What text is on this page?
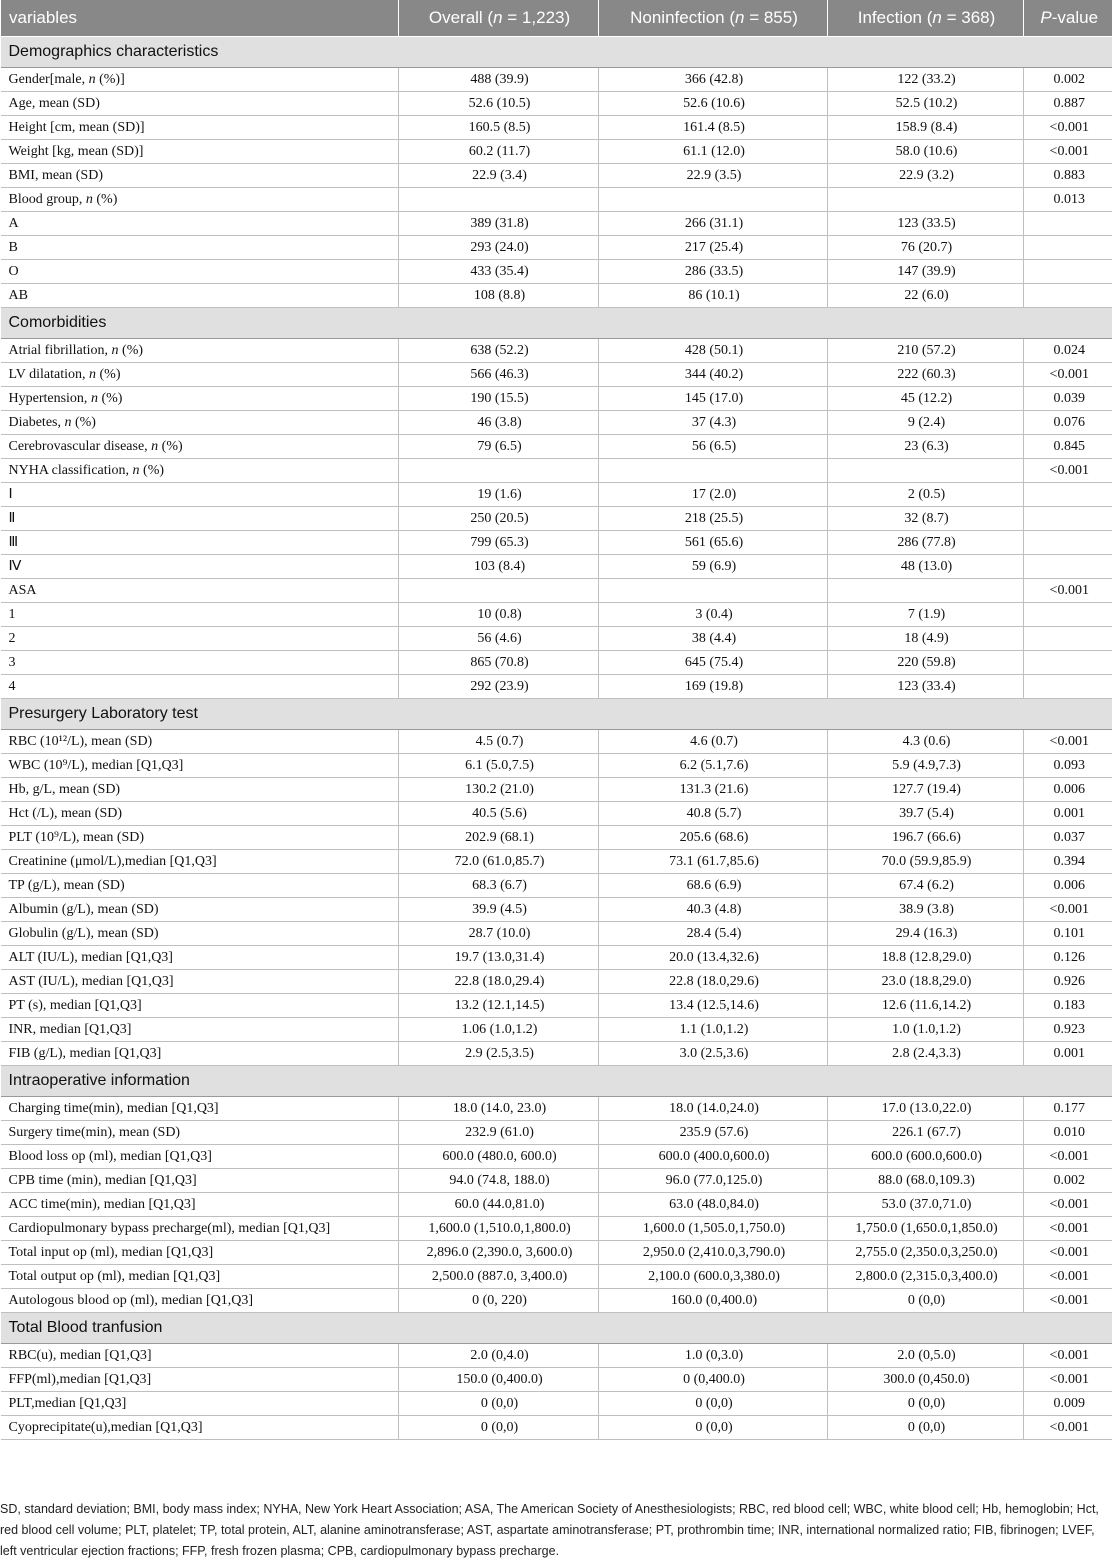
variables	Overall (n = 1,223)	Noninfection (n = 855)	Infection (n = 368)	P-value
Demographics characteristics				
Gender[male, n (%)]	488 (39.9)	366 (42.8)	122 (33.2)	0.002
Age, mean (SD)	52.6 (10.5)	52.6 (10.6)	52.5 (10.2)	0.887
Height [cm, mean (SD)]	160.5 (8.5)	161.4 (8.5)	158.9 (8.4)	<0.001
Weight [kg, mean (SD)]	60.2 (11.7)	61.1 (12.0)	58.0 (10.6)	<0.001
BMI, mean (SD)	22.9 (3.4)	22.9 (3.5)	22.9 (3.2)	0.883
Blood group, n (%)				0.013
A	389 (31.8)	266 (31.1)	123 (33.5)	
B	293 (24.0)	217 (25.4)	76 (20.7)	
O	433 (35.4)	286 (33.5)	147 (39.9)	
AB	108 (8.8)	86 (10.1)	22 (6.0)	
Comorbidities				
Atrial fibrillation, n (%)	638 (52.2)	428 (50.1)	210 (57.2)	0.024
LV dilatation, n (%)	566 (46.3)	344 (40.2)	222 (60.3)	<0.001
Hypertension, n (%)	190 (15.5)	145 (17.0)	45 (12.2)	0.039
Diabetes, n (%)	46 (3.8)	37 (4.3)	9 (2.4)	0.076
Cerebrovascular disease, n (%)	79 (6.5)	56 (6.5)	23 (6.3)	0.845
NYHA classification, n (%)				<0.001
Ⅰ	19 (1.6)	17 (2.0)	2 (0.5)	
Ⅱ	250 (20.5)	218 (25.5)	32 (8.7)	
Ⅲ	799 (65.3)	561 (65.6)	286 (77.8)	
Ⅳ	103 (8.4)	59 (6.9)	48 (13.0)	
ASA				<0.001
1	10 (0.8)	3 (0.4)	7 (1.9)	
2	56 (4.6)	38 (4.4)	18 (4.9)	
3	865 (70.8)	645 (75.4)	220 (59.8)	
4	292 (23.9)	169 (19.8)	123 (33.4)	
Presurgery Laboratory test				
RBC (10¹²/L), mean (SD)	4.5 (0.7)	4.6 (0.7)	4.3 (0.6)	<0.001
WBC (10⁹/L), median [Q1,Q3]	6.1 (5.0,7.5)	6.2 (5.1,7.6)	5.9 (4.9,7.3)	0.093
Hb, g/L, mean (SD)	130.2 (21.0)	131.3 (21.6)	127.7 (19.4)	0.006
Hct (/L), mean (SD)	40.5 (5.6)	40.8 (5.7)	39.7 (5.4)	0.001
PLT (10⁹/L), mean (SD)	202.9 (68.1)	205.6 (68.6)	196.7 (66.6)	0.037
Creatinine (μmol/L),median [Q1,Q3]	72.0 (61.0,85.7)	73.1 (61.7,85.6)	70.0 (59.9,85.9)	0.394
TP (g/L), mean (SD)	68.3 (6.7)	68.6 (6.9)	67.4 (6.2)	0.006
Albumin (g/L), mean (SD)	39.9 (4.5)	40.3 (4.8)	38.9 (3.8)	<0.001
Globulin (g/L), mean (SD)	28.7 (10.0)	28.4 (5.4)	29.4 (16.3)	0.101
ALT (IU/L), median [Q1,Q3]	19.7 (13.0,31.4)	20.0 (13.4,32.6)	18.8 (12.8,29.0)	0.126
AST (IU/L), median [Q1,Q3]	22.8 (18.0,29.4)	22.8 (18.0,29.6)	23.0 (18.8,29.0)	0.926
PT (s), median [Q1,Q3]	13.2 (12.1,14.5)	13.4 (12.5,14.6)	12.6 (11.6,14.2)	0.183
INR, median [Q1,Q3]	1.06 (1.0,1.2)	1.1 (1.0,1.2)	1.0 (1.0,1.2)	0.923
FIB (g/L), median [Q1,Q3]	2.9 (2.5,3.5)	3.0 (2.5,3.6)	2.8 (2.4,3.3)	0.001
Intraoperative information				
Charging time(min), median [Q1,Q3]	18.0 (14.0, 23.0)	18.0 (14.0,24.0)	17.0 (13.0,22.0)	0.177
Surgery time(min), mean (SD)	232.9 (61.0)	235.9 (57.6)	226.1 (67.7)	0.010
Blood loss op (ml), median [Q1,Q3]	600.0 (480.0, 600.0)	600.0 (400.0,600.0)	600.0 (600.0,600.0)	<0.001
CPB time (min), median [Q1,Q3]	94.0 (74.8, 188.0)	96.0 (77.0,125.0)	88.0 (68.0,109.3)	0.002
ACC time(min), median [Q1,Q3]	60.0 (44.0,81.0)	63.0 (48.0,84.0)	53.0 (37.0,71.0)	<0.001
Cardiopulmonary bypass precharge(ml), median [Q1,Q3]	1,600.0 (1,510.0,1,800.0)	1,600.0 (1,505.0,1,750.0)	1,750.0 (1,650.0,1,850.0)	<0.001
Total input op (ml), median [Q1,Q3]	2,896.0 (2,390.0, 3,600.0)	2,950.0 (2,410.0,3,790.0)	2,755.0 (2,350.0,3,250.0)	<0.001
Total output op (ml), median [Q1,Q3]	2,500.0 (887.0, 3,400.0)	2,100.0 (600.0,3,380.0)	2,800.0 (2,315.0,3,400.0)	<0.001
Autologous blood op (ml), median [Q1,Q3]	0 (0, 220)	160.0 (0,400.0)	0 (0,0)	<0.001
Total Blood tranfusion				
RBC(u), median [Q1,Q3]	2.0 (0,4.0)	1.0 (0,3.0)	2.0 (0,5.0)	<0.001
FFP(ml),median [Q1,Q3]	150.0 (0,400.0)	0 (0,400.0)	300.0 (0,450.0)	<0.001
PLT,median [Q1,Q3]	0 (0,0)	0 (0,0)	0 (0,0)	0.009
Cyoprecipitate(u),median [Q1,Q3]	0 (0,0)	0 (0,0)	0 (0,0)	<0.001

SD, standard deviation; BMI, body mass index; NYHA, New York Heart Association; ASA, The American Society of Anesthesiologists; RBC, red blood cell; WBC, white blood cell; Hb, hemoglobin; Hct, red blood cell volume; PLT, platelet; TP, total protein, ALT, alanine aminotransferase; AST, aspartate aminotransferase; PT, prothrombin time; INR, international normalized ratio; FIB, fibrinogen; LVEF, left ventricular ejection fractions; FFP, fresh frozen plasma; CPB, cardiopulmonary bypass precharge.
